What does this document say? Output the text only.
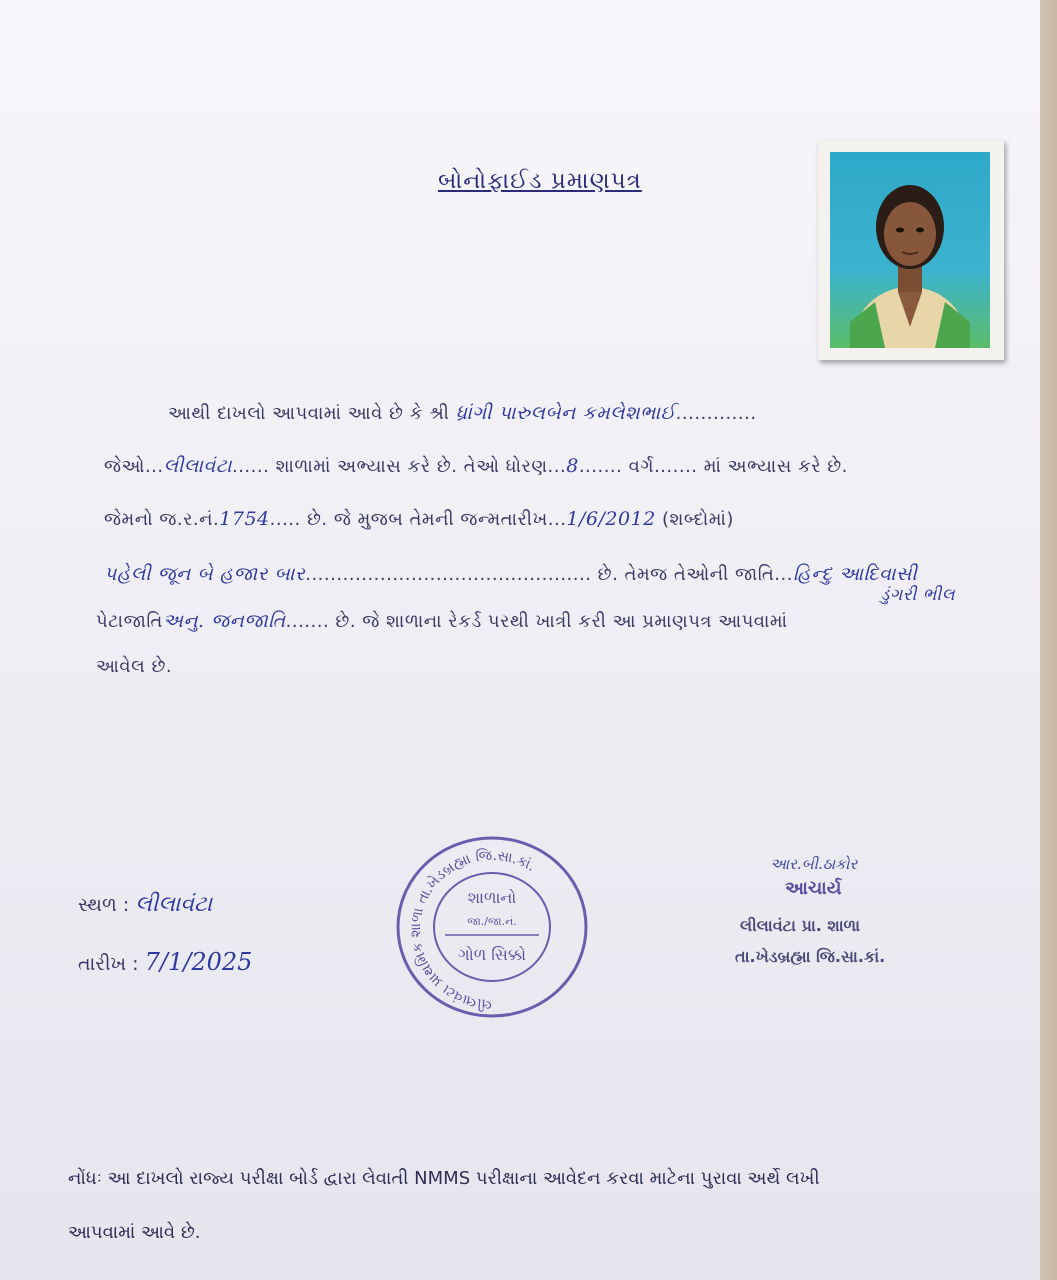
બોનોફાઈડ પ્રમાણપત્ર
આથી દાખલો આપવામાં આવે છે કે શ્રી ધ્રાંગી પારુલબેન કમલેશભાઈ.............
જેઓ...લીલાવંટા...... શાળામાં અભ્યાસ કરે છે. તેઓ ધોરણ...8....... વર્ગ....... માં અભ્યાસ કરે છે.
જેમનો જ.ર.નં.1754..... છે. જે મુજબ તેમની જન્મતારીખ...1/6/2012 (શબ્દોમાં)
પહેલી જૂન બે હજાર બાર.............................................. છે. તેમજ તેઓની જાતિ...હિન્દુ આદિવાસી
ડુંગરી ભીલ
પેટાજાતિઅનુ. જનજાતિ....... છે. જે શાળાના રેકર્ડ પરથી ખાત્રી કરી આ પ્રમાણપત્ર આપવામાં
આવેલ છે.
સ્થળ : લીલાવંટા
તારીખ : 7/1/2025
લીલાવંટા પ્રાથમિક શાળા તા.ખેડબ્રહ્મા જિ.સા.કાં.
શાળાનો
જા./જા.નં.
ગોળ સિક્કો
આર.બી.ઠાકોર
આચાર્ય
લીલાવંટા પ્રા. શાળા
તા.ખેડબ્રહ્મા જિ.સા.કાં.
નોંધઃ આ દાખલો રાજ્ય પરીક્ષા બોર્ડ દ્વારા લેવાતી NMMS પરીક્ષાના આવેદન કરવા માટેના પુરાવા અર્થે લખી
આપવામાં આવે છે.
